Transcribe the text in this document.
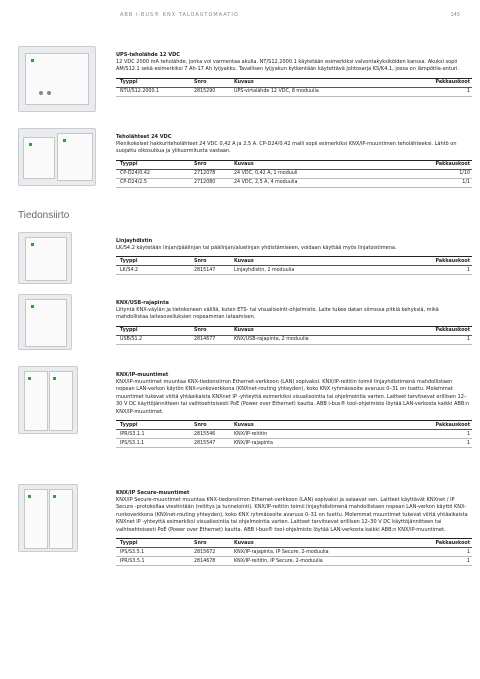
ABB i-BUS® KNX TALOAUTOMAATIO	145
Tiedonsiirto

UPS-teholähde 12 VDC

12 VDC 2000 mA teholähde, jonka voi varmentaa akulla. NT/S12.2000.1 käytetään esimerkiksi valvontakyksiköiden kanssa. Akuksi sopii AM/S12.1 sekä esimerkiksi 7 Ah-17 Ah lyijyakku. Tavallisen lyijyakun kytkentään käytettävä johtosarja KS/K4.1, jossa on lämpötila-anturi.

Tyyppi	Snro	Kuvaus	Pakkauskoot
NTU/S12.2000.1	2815290	UPS-virtalähde 12 VDC, 8 moduulia	1

Teholähteet 24 VDC

Pienikokoiset hakkuriteholähteet 24 VDC 0,42 A ja 2,5 A. CP-D24/0.42 malli sopii esimerkiksi KNX/IP-muuntimen teholähteeksi. Lähtö on suojattu oikosulkua ja ylikuormitusta vastaan.

Tyyppi	Snro	Kuvaus	Pakkauskoot
CP-D24/0.42	2712078	24 VDC, 0,42 A, 1 moduuli	1/10
CP-D24/2.5	2712080	24 VDC, 2,5 A, 4 moduulia	1/1

Linjayhdistin

LK/S4.2 käytetään linjan/päälinjan tai päälinjan/aluelinjan yhdistämiseen, voidaan käyttää myös linjatoistimena.

Tyyppi	Snro	Kuvaus	Pakkauskoot
LK/S4.2	2815147	Linjayhdistin, 2 moduulia	1

KNX/USB-rajapinta

Liityntä KNX-väylän ja tietokoneen välillä, kuten ETS- tai visualisointi-ohjelmisto. Laite tukee datan siirrossa pitkiä kehyksiä, mikä mahdollistaa laitesovelluksien nopeamman lataamisen.

Tyyppi	Snro	Kuvaus	Pakkauskoot
USB/S1.2	2814677	KNX/USB-rajapinta, 2 moduulia	1

KNX/IP-muuntimet

KNX/IP-muuntimet muuntaa KNX-tiedonsiirron Ethernet-verkkoon (LAN) sopivaksi. KNX/IP-reititin toimii linjayhdistimenä mahdollistaen nopean LAN-verkon käytön KNX-runkoverkkona (KNXnet-routing yhteyden), koko KNX ryhmäosoite avaruus 0–31 on tuettu. Molemmat muuntimet tukevat viittä yhtäaikaista KNXnet IP -yhteyttä esimerkiksi visualisointia tai ohjelmointia varten. Laitteet tarvitsevat erillisen 12–30 V DC käyttöjännitteen tai vaihtoehtoisesti PoE (Power over Ethernet) kautta. ABB i-bus® tool-ohjelmisto löytää LAN-verkosta kaikki ABB:n KNX/IP-muuntimet.

Tyyppi	Snro	Kuvaus	Pakkauskoot
IPR/S3.1.1	2815546	KNX/IP-reititin	1
IPS/S3.1.1	2815547	KNX/IP-rajapinta	1

KNX/IP Secure-muuntimet

KNX/IP Secure-muuntimet muuntaa KNX-tiedonsiirron Ethernet-verkkoon (LAN) sopivaksi ja salaavat sen. Laitteet käyttävät KNXnet / IP Secure -protokollaa viestintään (reititys ja tunnelointi). KNX/IP-reititin toimii linjayhdistimenä mahdollistaen nopean LAN-verkon käyttö KNX-runkoverkkona (KNXnet-routing yhteyden), koko KNX ryhmäosoite avaruus 0–31 on tuettu. Molemmat muuntimet tukevat viittä yhtäaikaista KNXnet IP -yhteyttä esimerkiksi visualisointia tai ohjelmointia varten. Laitteet tarvitsevat erillisen 12–30 V DC käyttöjännitteen tai vaihtoehtoisesti PoE (Power over Ethernet) kautta. ABB i-bus® tool-ohjelmisto löytää LAN-verkosta kaikki ABB:n KNX/IP-muuntimet.

Tyyppi	Snro	Kuvaus	Pakkauskoot
IPS/S3.5.1	2815672	KNX/IP-rajapinta, IP Secure, 2-moduulia	1
IPR/S3.5.1	2814678	KNX/IP-reititin, IP Secure, 2-moduulia	1
